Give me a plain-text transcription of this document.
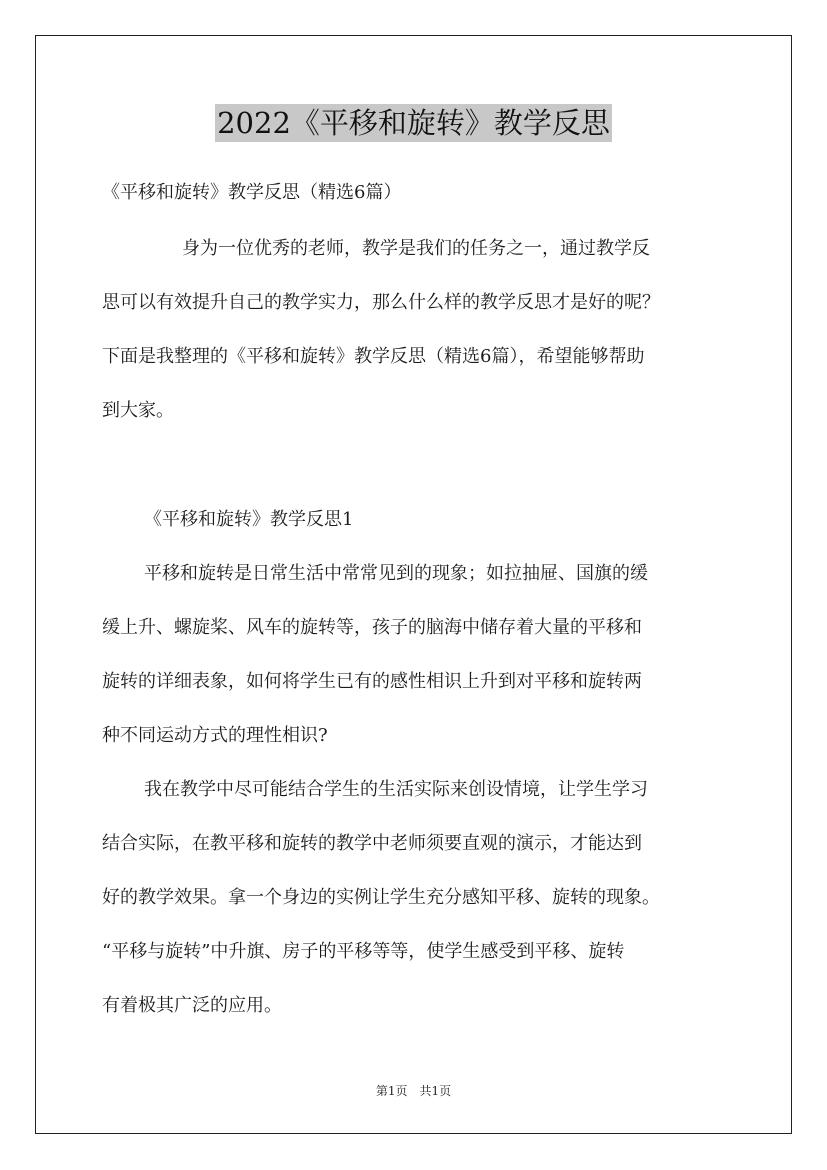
2022《平移和旋转》教学反思
《平移和旋转》教学反思（精选6篇）
身为一位优秀的老师，教学是我们的任务之一，通过教学反
思可以有效提升自己的教学实力，那么什么样的教学反思才是好的呢？
下面是我整理的《平移和旋转》教学反思（精选6篇），希望能够帮助
到大家。
《平移和旋转》教学反思1
平移和旋转是日常生活中常常见到的现象；如拉抽屉、国旗的缓
缓上升、螺旋桨、风车的旋转等，孩子的脑海中储存着大量的平移和
旋转的详细表象，如何将学生已有的感性相识上升到对平移和旋转两
种不同运动方式的理性相识?
我在教学中尽可能结合学生的生活实际来创设情境，让学生学习
结合实际，在教平移和旋转的教学中老师须要直观的演示，才能达到
好的教学效果。拿一个身边的实例让学生充分感知平移、旋转的现象。
“平移与旋转”中升旗、房子的平移等等，使学生感受到平移、旋转
有着极其广泛的应用。
第1页　共1页
